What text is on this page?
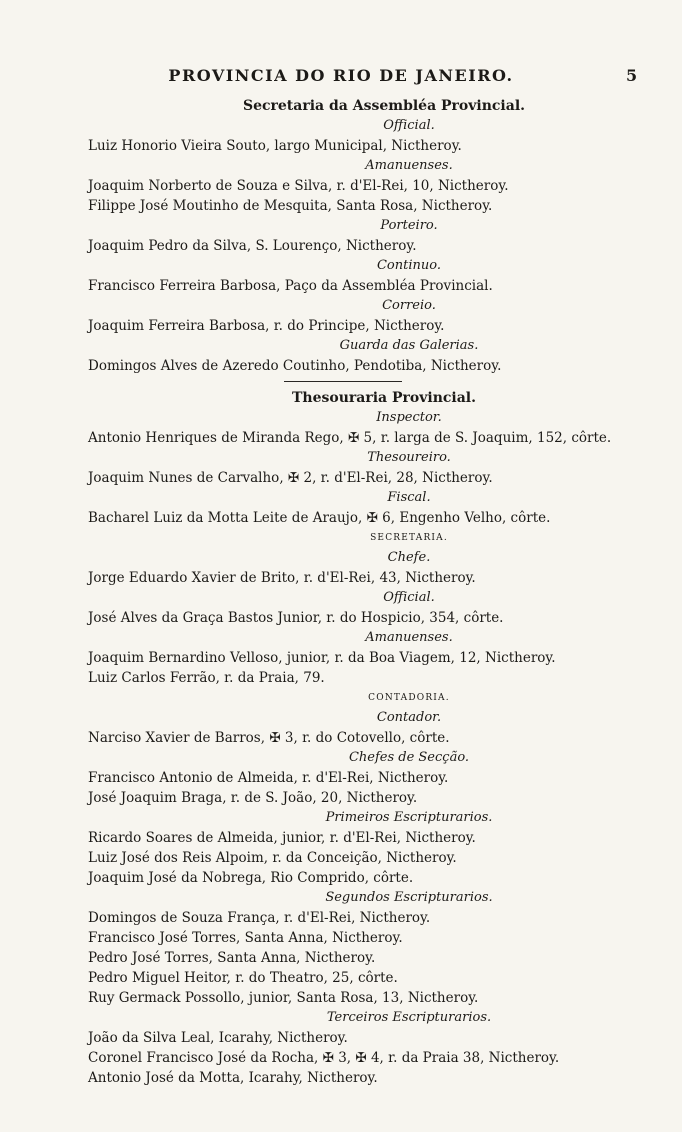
PROVINCIA DO RIO DE JANEIRO.	5
Secretaria da Assembléa Provincial.
Official.
Luiz Honorio Vieira Souto, largo Municipal, Nictheroy.
Amanuenses.
Joaquim Norberto de Souza e Silva, r. d'El-Rei, 10, Nictheroy.
Filippe José Moutinho de Mesquita, Santa Rosa, Nictheroy.
Porteiro.
Joaquim Pedro da Silva, S. Lourenço, Nictheroy.
Continuo.
Francisco Ferreira Barbosa, Paço da Assembléa Provincial.
Correio.
Joaquim Ferreira Barbosa, r. do Principe, Nictheroy.
Guarda das Galerias.
Domingos Alves de Azeredo Coutinho, Pendotiba, Nictheroy.
Thesouraria Provincial.
Inspector.
Antonio Henriques de Miranda Rego, ✠ 5, r. larga de S. Joaquim, 152, côrte.
Thesoureiro.
Joaquim Nunes de Carvalho, ✠ 2, r. d'El-Rei, 28, Nictheroy.
Fiscal.
Bacharel Luiz da Motta Leite de Araujo, ✠ 6, Engenho Velho, côrte.
SECRETARIA.
Chefe.
Jorge Eduardo Xavier de Brito, r. d'El-Rei, 43, Nictheroy.
Official.
José Alves da Graça Bastos Junior, r. do Hospicio, 354, côrte.
Amanuenses.
Joaquim Bernardino Velloso, junior, r. da Boa Viagem, 12, Nictheroy.
Luiz Carlos Ferrão, r. da Praia, 79.
CONTADORIA.
Contador.
Narciso Xavier de Barros, ✠ 3, r. do Cotovello, côrte.
Chefes de Secção.
Francisco Antonio de Almeida, r. d'El-Rei, Nictheroy.
José Joaquim Braga, r. de S. João, 20, Nictheroy.
Primeiros Escripturarios.
Ricardo Soares de Almeida, junior, r. d'El-Rei, Nictheroy.
Luiz José dos Reis Alpoim, r. da Conceição, Nictheroy.
Joaquim José da Nobrega, Rio Comprido, côrte.
Segundos Escripturarios.
Domingos de Souza França, r. d'El-Rei, Nictheroy.
Francisco José Torres, Santa Anna, Nictheroy.
Pedro José Torres, Santa Anna, Nictheroy.
Pedro Miguel Heitor, r. do Theatro, 25, côrte.
Ruy Germack Possollo, junior, Santa Rosa, 13, Nictheroy.
Terceiros Escripturarios.
João da Silva Leal, Icarahy, Nictheroy.
Coronel Francisco José da Rocha, ✠ 3, ✠ 4, r. da Praia 38, Nictheroy.
Antonio José da Motta, Icarahy, Nictheroy.
